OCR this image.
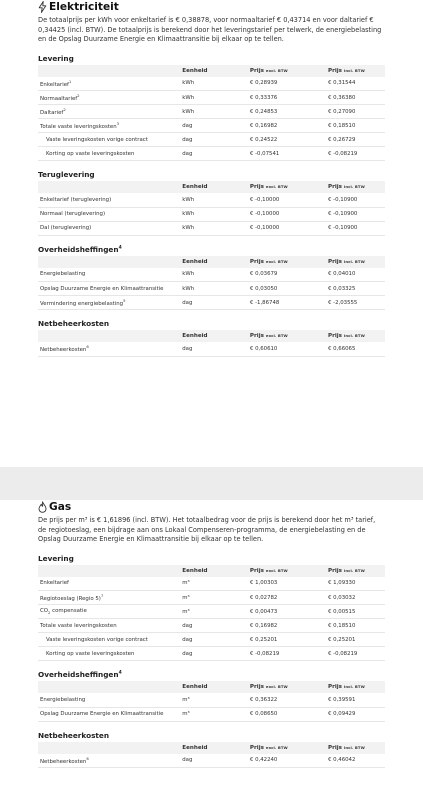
Elektriciteit

De totaalprijs per kWh voor enkeltarief is € 0,38878, voor normaaltarief € 0,43714 en voor daltarief € 0,34425 (incl. BTW). De totaalprijs is berekend door het leveringstarief per telwerk, de energiebelasting en de Opslag Duurzame Energie en Klimaattransitie bij elkaar op te tellen.

Levering
	Eenheid	Prijs excl. BTW	Prijs incl. BTW
Enkeltarief$^1$	kWh	€ 0,28939	€ 0,31544
Normaaltarief$^2$	kWh	€ 0,33376	€ 0,36380
Daltarief$^2$	kWh	€ 0,24853	€ 0,27090
Totale vaste leveringskosten$^3$	dag	€ 0,16982	€ 0,18510
Vaste leveringskosten vorige contract	dag	€ 0,24522	€ 0,26729
Korting op vaste leveringskosten	dag	€ -0,07541	€ -0,08219
Teruglevering
	Eenheid	Prijs excl. BTW	Prijs incl. BTW
Enkeltarief (teruglevering)	kWh	€ -0,10000	€ -0,10900
Normaal (teruglevering)	kWh	€ -0,10000	€ -0,10900
Dal (teruglevering)	kWh	€ -0,10000	€ -0,10900
Overheidsheffingen$^4$
	Eenheid	Prijs excl. BTW	Prijs incl. BTW
Energiebelasting	kWh	€ 0,03679	€ 0,04010
Opslag Duurzame Energie en Klimaattransitie	kWh	€ 0,03050	€ 0,03325
Vermindering energiebelasting$^5$	dag	€ -1,86748	€ -2,03555
Netbeheerkosten
	Eenheid	Prijs excl. BTW	Prijs incl. BTW
Netbeheerkosten$^6$	dag	€ 0,60610	€ 0,66065
Gas

De prijs per m³ is € 1,61896 (incl. BTW). Het totaalbedrag voor de prijs is berekend door het m³ tarief, de regiotoeslag, een bijdrage aan ons Lokaal Compenseren-programma, de energiebelasting en de Opslag Duurzame Energie en Klimaattransitie bij elkaar op te tellen.

Levering
	Eenheid	Prijs excl. BTW	Prijs incl. BTW
Enkeltarief	m³	€ 1,00303	€ 1,09330
Regiotoeslag (Regio 5)$^7$	m³	€ 0,02782	€ 0,03032
$CO_2$ compensatie	m³	€ 0,00473	€ 0,00515
Totale vaste leveringskosten	dag	€ 0,16982	€ 0,18510
Vaste leveringskosten vorige contract	dag	€ 0,25201	€ 0,25201
Korting op vaste leveringskosten	dag	€ -0,08219	€ -0,08219
Overheidsheffingen$^4$
	Eenheid	Prijs excl. BTW	Prijs incl. BTW
Energiebelasting	m³	€ 0,36322	€ 0,39591
Opslag Duurzame Energie en Klimaattransitie	m³	€ 0,08650	€ 0,09429
Netbeheerkosten
	Eenheid	Prijs excl. BTW	Prijs incl. BTW
Netbeheerkosten$^6$	dag	€ 0,42240	€ 0,46042
